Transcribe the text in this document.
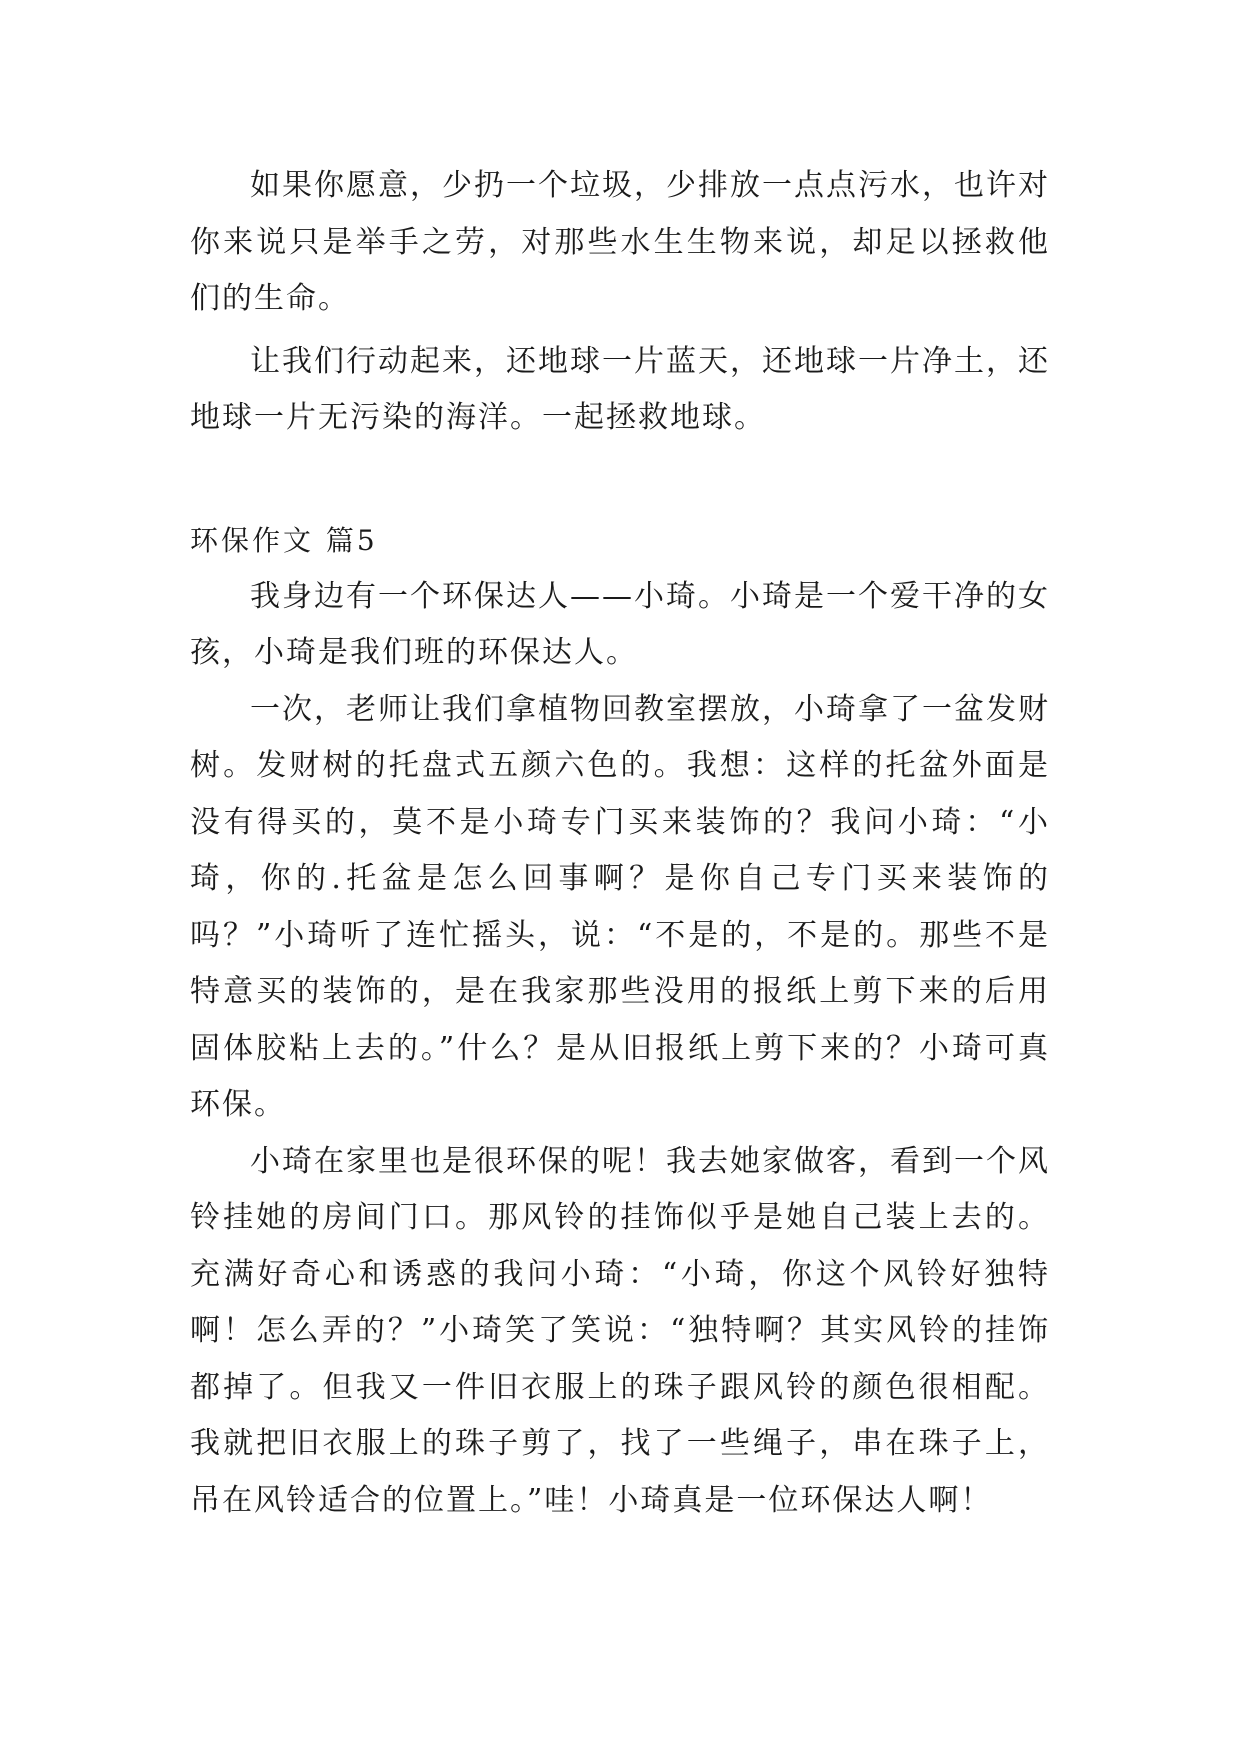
如果你愿意，少扔一个垃圾，少排放一点点污水，也许对你来说只是举手之劳，对那些水生生物来说，却足以拯救他们的生命。

让我们行动起来，还地球一片蓝天，还地球一片净土，还地球一片无污染的海洋。一起拯救地球。

环保作文 篇5

我身边有一个环保达人——小琦。小琦是一个爱干净的女孩，小琦是我们班的环保达人。

一次，老师让我们拿植物回教室摆放，小琦拿了一盆发财树。发财树的托盘式五颜六色的。我想：这样的托盆外面是没有得买的，莫不是小琦专门买来装饰的？我问小琦：“小琦，你的.托盆是怎么回事啊？是你自己专门买来装饰的吗？”小琦听了连忙摇头，说：“不是的，不是的。那些不是特意买的装饰的，是在我家那些没用的报纸上剪下来的后用固体胶粘上去的。”什么？是从旧报纸上剪下来的？小琦可真环保。

小琦在家里也是很环保的呢！我去她家做客，看到一个风铃挂她的房间门口。那风铃的挂饰似乎是她自己装上去的。充满好奇心和诱惑的我问小琦：“小琦，你这个风铃好独特啊！怎么弄的？”小琦笑了笑说：“独特啊？其实风铃的挂饰都掉了。但我又一件旧衣服上的珠子跟风铃的颜色很相配。我就把旧衣服上的珠子剪了，找了一些绳子，串在珠子上，吊在风铃适合的位置上。”哇！小琦真是一位环保达人啊！
